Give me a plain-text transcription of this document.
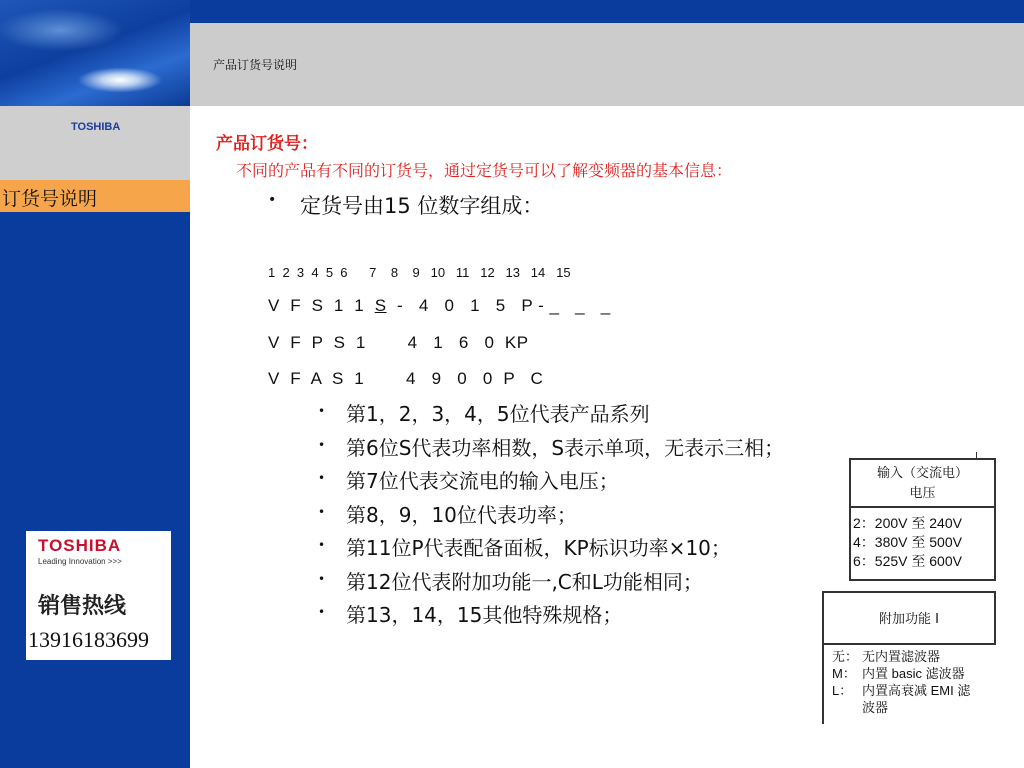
TOSHIBA
订货号说明
产品订货号说明
TOSHIBA
Leading Innovation >>>
销售热线
13916183699
产品订货号：
不同的产品有不同的订货号，通过定货号可以了解变频器的基本信息：
• 定货号由15 位数字组成：
1  2  3  4  5  6      7    8    9   10   11   12   13   14   15
V  F  S  1  1  S  -   4   0   1   5   P - _   _   _
V  F  P  S  1        4   1   6   0  KP
V  F  A  S  1        4   9   0   0  P   C
• 第1，2，3，4，5位代表产品系列
• 第6位S代表功率相数，S表示单项，无表示三相；
• 第7位代表交流电的输入电压；
• 第8，9，10位代表功率；
• 第11位P代表配备面板，KP标识功率×10；
• 第12位代表附加功能一,C和L功能相同；
• 第13，14，15其他特殊规格；
输入（交流电）
电压
2：200V 至 240V
4：380V 至 500V
6：525V 至 600V
附加功能 I
无： 无内置滤波器
M： 内置 basic 滤波器
L： 内置高衰减 EMI 滤
波器
